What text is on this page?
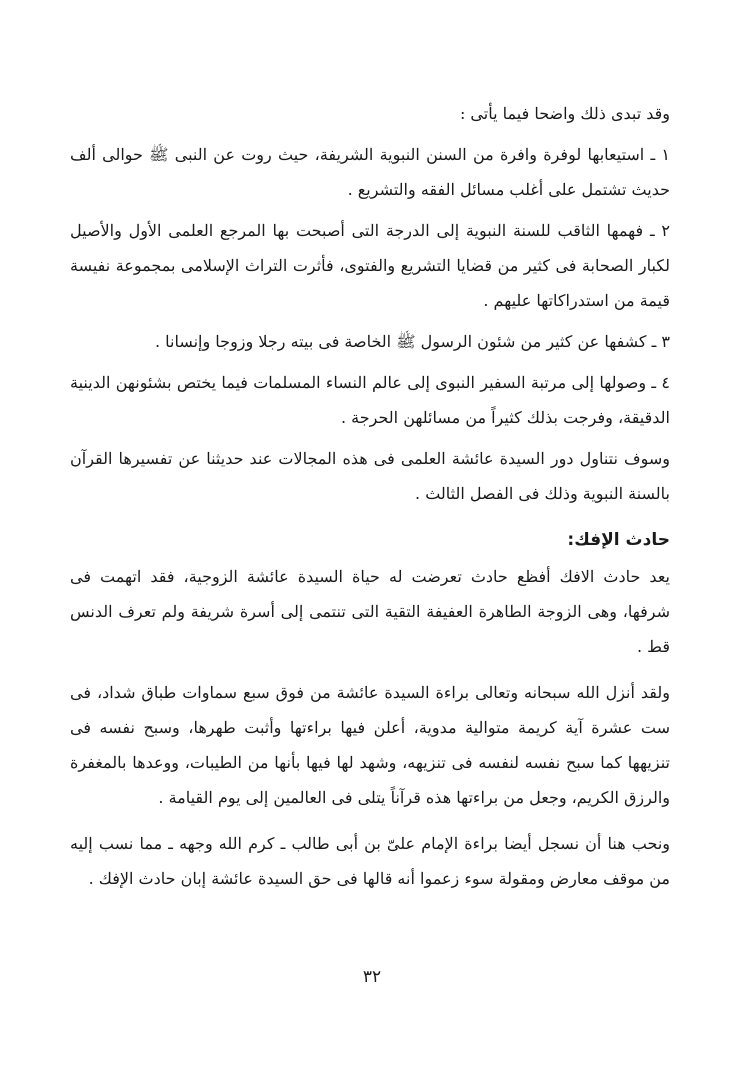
وقد تبدى ذلك واضحا فيما يأتى :

١ ـ استيعابها لوفرة وافرة من السنن النبوية الشريفة، حيث روت عن النبى ﷺ حوالى ألف حديث تشتمل على أغلب مسائل الفقه والتشريع .

٢ ـ فهمها الثاقب للسنة النبوية إلى الدرجة التى أصبحت بها المرجع العلمى الأول والأصيل لكبار الصحابة فى كثير من قضايا التشريع والفتوى، فأثرت التراث الإسلامى بمجموعة نفيسة قيمة من استدراكاتها عليهم .

٣ ـ كشفها عن كثير من شئون الرسول ﷺ الخاصة فى بيته رجلا وزوجا وإنسانا .

٤ ـ وصولها إلى مرتبة السفير النبوى إلى عالم النساء المسلمات فيما يختص بشئونهن الدينية الدقيقة، وفرجت بذلك كثيراً من مسائلهن الحرجة .

وسوف نتناول دور السيدة عائشة العلمى فى هذه المجالات عند حديثنا عن تفسيرها القرآن بالسنة النبوية وذلك فى الفصل الثالث .

حادث الإفك:

يعد حادث الافك أفظع حادث تعرضت له حياة السيدة عائشة الزوجية، فقد اتهمت فى شرفها، وهى الزوجة الطاهرة العفيفة التقية التى تنتمى إلى أسرة شريفة ولم تعرف الدنس قط .

ولقد أنزل الله سبحانه وتعالى براءة السيدة عائشة من فوق سبع سماوات طباق شداد، فى ست عشرة آية كريمة متوالية مدوية، أعلن فيها براءتها وأثبت طهرها، وسبح نفسه فى تنزيهها كما سبح نفسه لنفسه فى تنزيهه، وشهد لها فيها بأنها من الطيبات، ووعدها بالمغفرة والرزق الكريم، وجعل من براءتها هذه قرآناً يتلى فى العالمين إلى يوم القيامة .

ونحب هنا أن نسجل أيضا براءة الإمام علىّ بن أبى طالب ـ كرم الله وجهه ـ مما نسب إليه من موقف معارض ومقولة سوء زعموا أنه قالها فى حق السيدة عائشة إبان حادث الإفك .

٣٢
